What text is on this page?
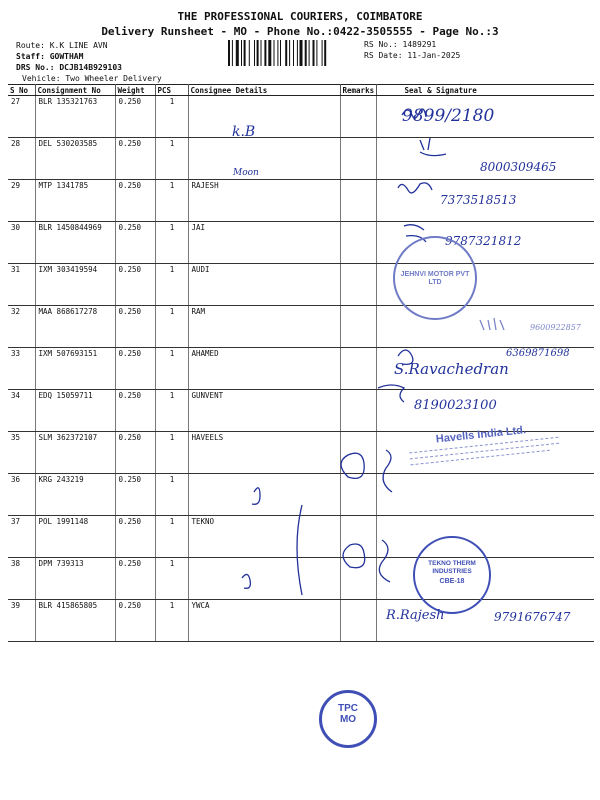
THE PROFESSIONAL COURIERS, COIMBATORE
Delivery Runsheet - MO - Phone No.:0422-3505555 - Page No.:3
Route: K.K LINE AVN
Staff: GOWTHAM
DRS No.: DCJB14B929103
Vehicle: Two Wheeler Delivery
RS No.: 1489291
RS Date: 11-Jan-2025
S No	Consignment No	Weight	PCS	Consignee Details	Remarks	Seal & Signature
27	BLR 135321763	0.250	1			
28	DEL 530203585	0.250	1			
29	MTP 1341785	0.250	1	RAJESH		
30	BLR 1450844969	0.250	1	JAI		
31	IXM 303419594	0.250	1	AUDI		
32	MAA 868617278	0.250	1	RAM		
33	IXM 507693151	0.250	1	AHAMED		
34	EDQ 15059711	0.250	1	GUNVENT		
35	SLM 362372107	0.250	1	HAVEELS		
36	KRG 243219	0.250	1			
37	POL 1991148	0.250	1	TEKNO		
38	DPM 739313	0.250	1			
39	BLR 415865805	0.250	1	YWCA		
k.B
Moon
9899/2180
8000309465
7373518513
9787321812
9600922857
S.Ravachedran
6369871698
8190023100
R.Rajesh	9791676747
JEHNVI MOTOR PVT LTD
Havells India Ltd.
TEKNO THERM INDUSTRIES
CBE-18
TPC
MO
